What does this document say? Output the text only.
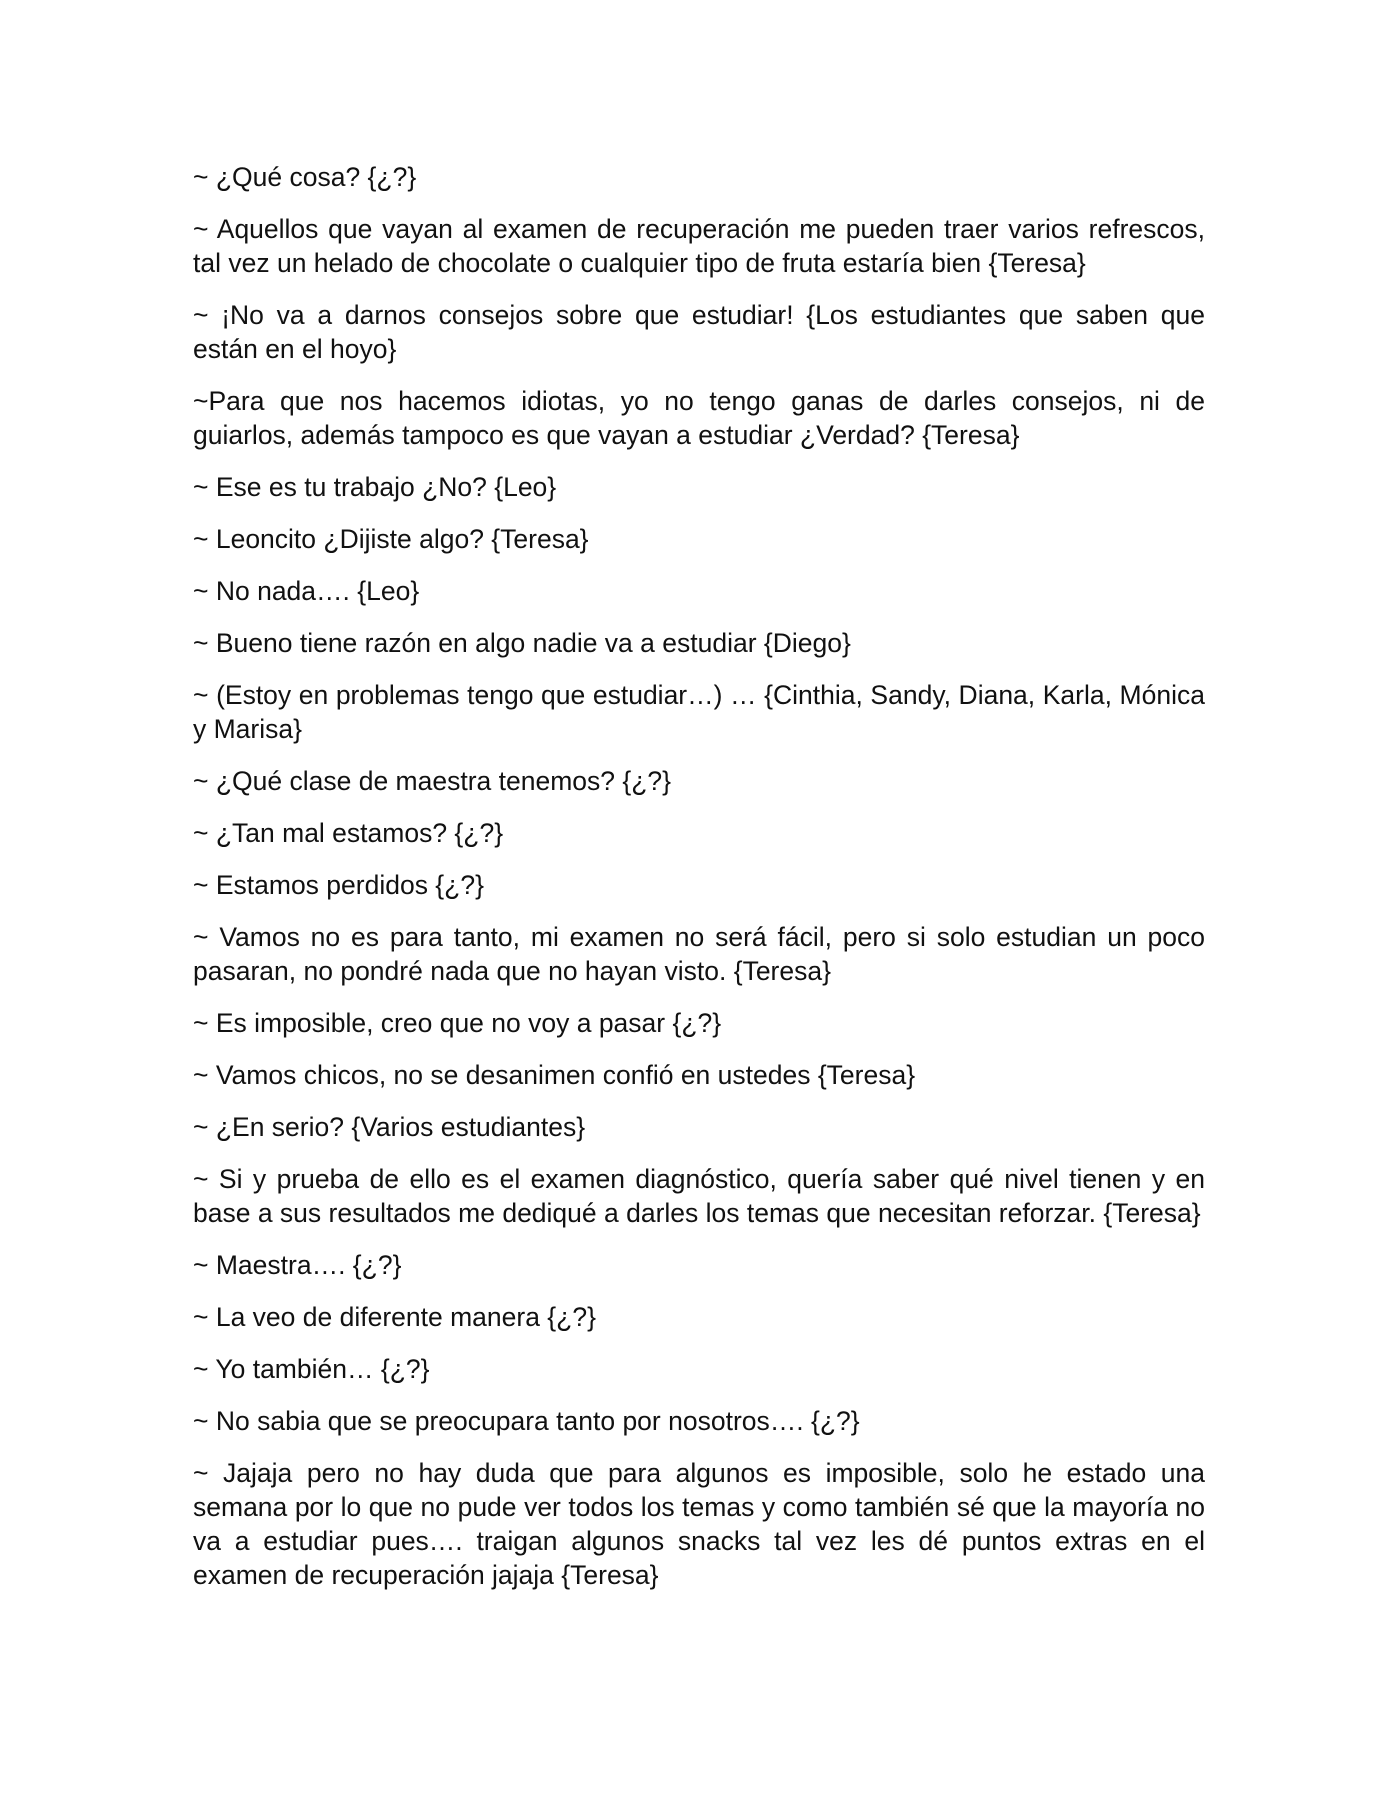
~ ¿Qué cosa? {¿?}

~ Aquellos que vayan al examen de recuperación me pueden traer varios refrescos, tal vez un helado de chocolate o cualquier tipo de fruta estaría bien {Teresa}

~ ¡No va a darnos consejos sobre que estudiar! {Los estudiantes que saben que están en el hoyo}

~Para que nos hacemos idiotas, yo no tengo ganas de darles consejos, ni de guiarlos, además tampoco es que vayan a estudiar ¿Verdad? {Teresa}

~ Ese es tu trabajo ¿No? {Leo}

~ Leoncito ¿Dijiste algo? {Teresa}

~ No nada…. {Leo}

~ Bueno tiene razón en algo nadie va a estudiar {Diego}

~ (Estoy en problemas tengo que estudiar…) … {Cinthia, Sandy, Diana, Karla, Mónica y Marisa}

~ ¿Qué clase de maestra tenemos? {¿?}

~ ¿Tan mal estamos? {¿?}

~ Estamos perdidos {¿?}

~ Vamos no es para tanto, mi examen no será fácil, pero si solo estudian un poco pasaran, no pondré nada que no hayan visto. {Teresa}

~ Es imposible, creo que no voy a pasar {¿?}

~ Vamos chicos, no se desanimen confió en ustedes {Teresa}

~ ¿En serio? {Varios estudiantes}

~ Si y prueba de ello es el examen diagnóstico, quería saber qué nivel tienen y en base a sus resultados me dediqué a darles los temas que necesitan reforzar. {Teresa}

~ Maestra…. {¿?}

~ La veo de diferente manera {¿?}

~ Yo también… {¿?}

~ No sabia que se preocupara tanto por nosotros…. {¿?}

~ Jajaja pero no hay duda que para algunos es imposible, solo he estado una semana por lo que no pude ver todos los temas y como también sé que la mayoría no va a estudiar pues…. traigan algunos snacks tal vez les dé puntos extras en el examen de recuperación jajaja {Teresa}
